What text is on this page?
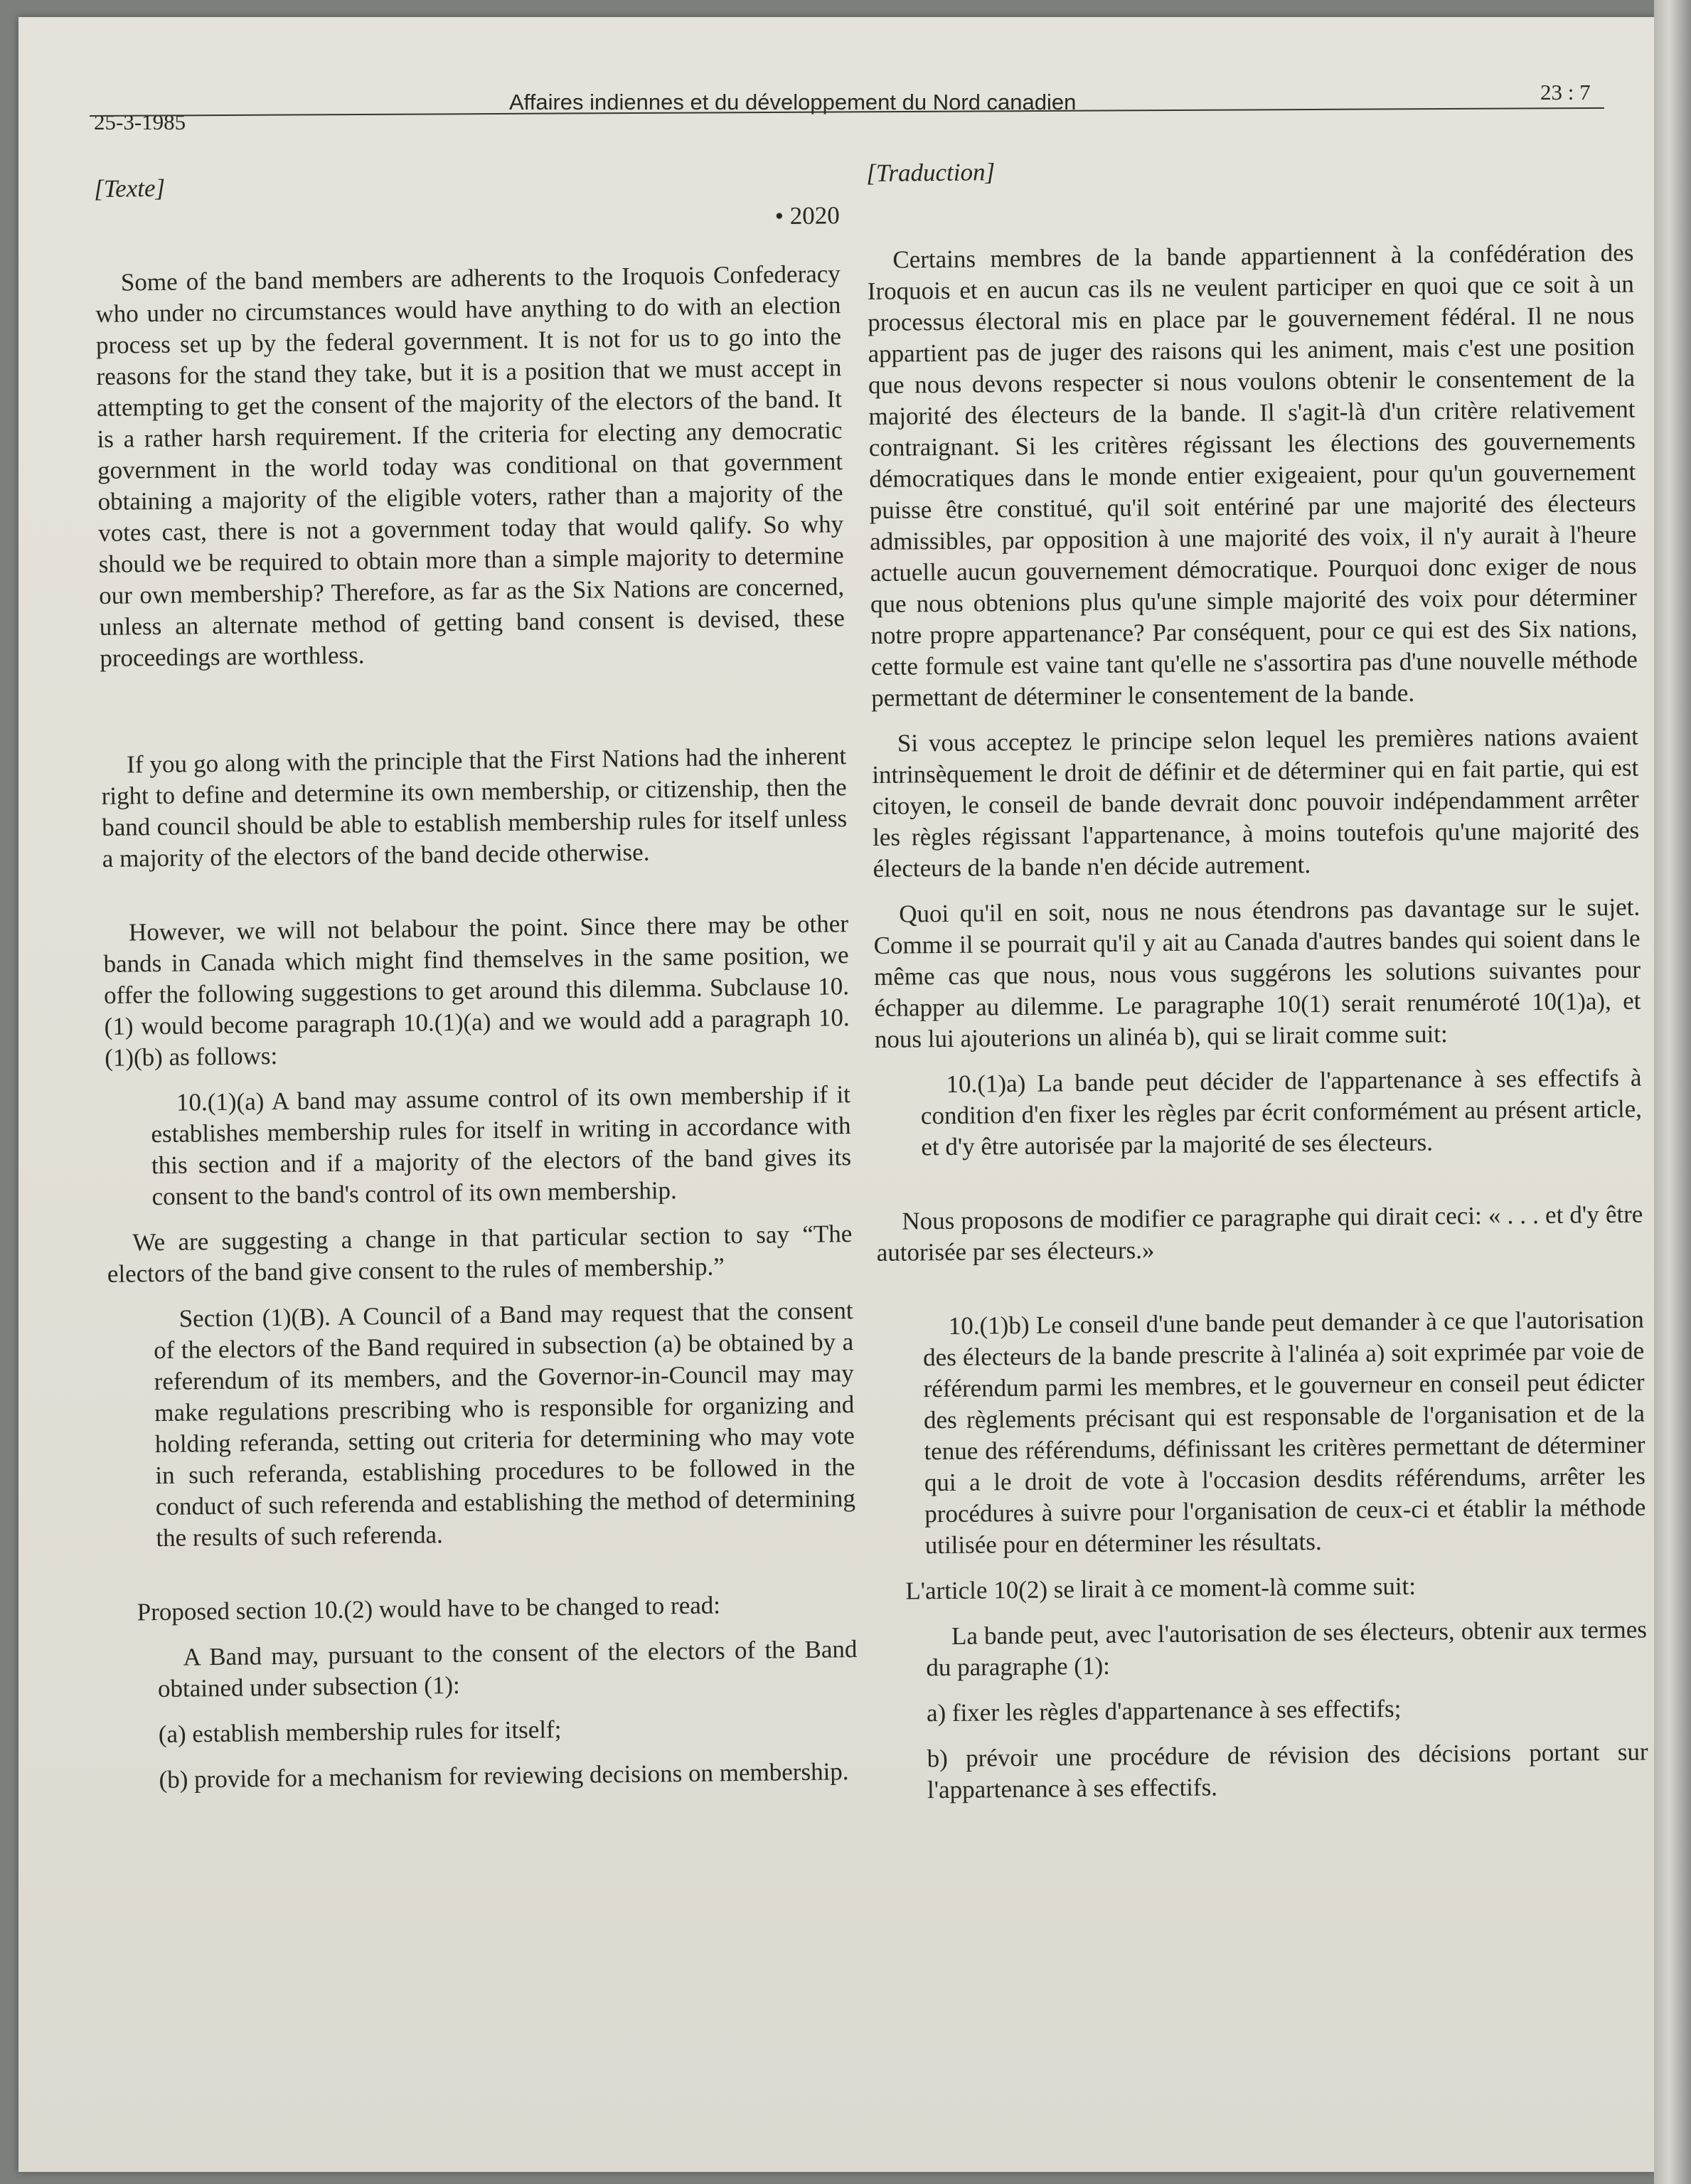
25-3-1985
Affaires indiennes et du développement du Nord canadien	23 : 7

[Texte]

• 2020

Some of the band members are adherents to the Iroquois Confederacy who under no circumstances would have anything to do with an election process set up by the federal government. It is not for us to go into the reasons for the stand they take, but it is a position that we must accept in attempting to get the consent of the majority of the electors of the band. It is a rather harsh requirement. If the criteria for electing any democratic government in the world today was conditional on that government obtaining a majority of the eligible voters, rather than a majority of the votes cast, there is not a government today that would qalify. So why should we be required to obtain more than a simple majority to determine our own membership? Therefore, as far as the Six Nations are concerned, unless an alternate method of getting band consent is devised, these proceedings are worthless.

If you go along with the principle that the First Nations had the inherent right to define and determine its own membership, or citizenship, then the band council should be able to establish membership rules for itself unless a majority of the electors of the band decide otherwise.

However, we will not belabour the point. Since there may be other bands in Canada which might find themselves in the same position, we offer the following suggestions to get around this dilemma. Subclause 10.(1) would become paragraph 10.(1)(a) and we would add a paragraph 10.(1)(b) as follows:

10.(1)(a) A band may assume control of its own membership if it establishes membership rules for itself in writing in accordance with this section and if a majority of the electors of the band gives its consent to the band's control of its own membership.

We are suggesting a change in that particular section to say “The electors of the band give consent to the rules of membership.”

Section (1)(B). A Council of a Band may request that the consent of the electors of the Band required in subsection (a) be obtained by a referendum of its members, and the Governor-in-Council may may make regulations prescribing who is responsible for organizing and holding referanda, setting out criteria for determining who may vote in such referanda, establishing procedures to be followed in the conduct of such referenda and establishing the method of determining the results of such referenda.

Proposed section 10.(2) would have to be changed to read:

A Band may, pursuant to the consent of the electors of the Band obtained under subsection (1):

(a) establish membership rules for itself;

(b) provide for a mechanism for reviewing decisions on membership.

[Traduction]

Certains membres de la bande appartiennent à la confédération des Iroquois et en aucun cas ils ne veulent participer en quoi que ce soit à un processus électoral mis en place par le gouvernement fédéral. Il ne nous appartient pas de juger des raisons qui les animent, mais c'est une position que nous devons respecter si nous voulons obtenir le consentement de la majorité des électeurs de la bande. Il s'agit-là d'un critère relativement contraignant. Si les critères régissant les élections des gouvernements démocratiques dans le monde entier exigeaient, pour qu'un gouvernement puisse être constitué, qu'il soit entériné par une majorité des électeurs admissibles, par opposition à une majorité des voix, il n'y aurait à l'heure actuelle aucun gouvernement démocratique. Pourquoi donc exiger de nous que nous obtenions plus qu'une simple majorité des voix pour déterminer notre propre appartenance? Par conséquent, pour ce qui est des Six nations, cette formule est vaine tant qu'elle ne s'assortira pas d'une nouvelle méthode permettant de déterminer le consentement de la bande.

Si vous acceptez le principe selon lequel les premières nations avaient intrinsèquement le droit de définir et de déterminer qui en fait partie, qui est citoyen, le conseil de bande devrait donc pouvoir indépendamment arrêter les règles régissant l'appartenance, à moins toutefois qu'une majorité des électeurs de la bande n'en décide autrement.

Quoi qu'il en soit, nous ne nous étendrons pas davantage sur le sujet. Comme il se pourrait qu'il y ait au Canada d'autres bandes qui soient dans le même cas que nous, nous vous suggérons les solutions suivantes pour échapper au dilemme. Le paragraphe 10(1) serait renuméroté 10(1)a), et nous lui ajouterions un alinéa b), qui se lirait comme suit:

10.(1)a) La bande peut décider de l'appartenance à ses effectifs à condition d'en fixer les règles par écrit conformément au présent article, et d'y être autorisée par la majorité de ses électeurs.

Nous proposons de modifier ce paragraphe qui dirait ceci: « . . . et d'y être autorisée par ses électeurs.»

10.(1)b) Le conseil d'une bande peut demander à ce que l'autorisation des électeurs de la bande prescrite à l'alinéa a) soit exprimée par voie de référendum parmi les membres, et le gouverneur en conseil peut édicter des règlements précisant qui est responsable de l'organisation et de la tenue des référendums, définissant les critères permettant de déterminer qui a le droit de vote à l'occasion desdits référendums, arrêter les procédures à suivre pour l'organisation de ceux-ci et établir la méthode utilisée pour en déterminer les résultats.

L'article 10(2) se lirait à ce moment-là comme suit:

La bande peut, avec l'autorisation de ses électeurs, obtenir aux termes du paragraphe (1):

a) fixer les règles d'appartenance à ses effectifs;

b) prévoir une procédure de révision des décisions portant sur l'appartenance à ses effectifs.
